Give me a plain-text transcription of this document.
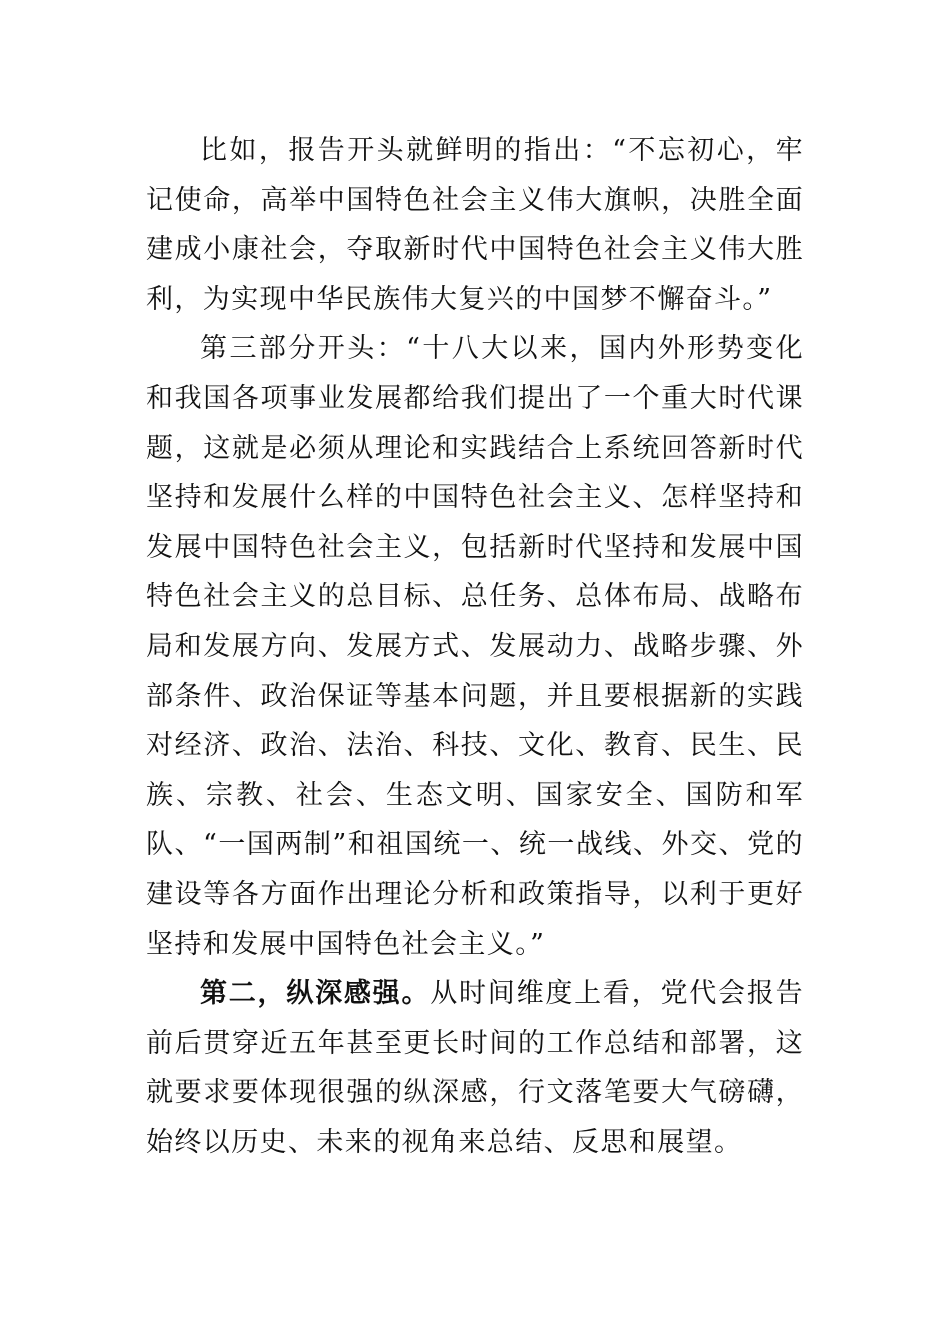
比如，报告开头就鲜明的指出：“不忘初心，牢记使命，高举中国特色社会主义伟大旗帜，决胜全面建成小康社会，夺取新时代中国特色社会主义伟大胜利，为实现中华民族伟大复兴的中国梦不懈奋斗。”

第三部分开头：“十八大以来，国内外形势变化和我国各项事业发展都给我们提出了一个重大时代课题，这就是必须从理论和实践结合上系统回答新时代坚持和发展什么样的中国特色社会主义、怎样坚持和发展中国特色社会主义，包括新时代坚持和发展中国特色社会主义的总目标、总任务、总体布局、战略布局和发展方向、发展方式、发展动力、战略步骤、外部条件、政治保证等基本问题，并且要根据新的实践对经济、政治、法治、科技、文化、教育、民生、民族、宗教、社会、生态文明、国家安全、国防和军队、“一国两制”和祖国统一、统一战线、外交、党的建设等各方面作出理论分析和政策指导，以利于更好坚持和发展中国特色社会主义。”

第二，纵深感强。从时间维度上看，党代会报告前后贯穿近五年甚至更长时间的工作总结和部署，这就要求要体现很强的纵深感，行文落笔要大气磅礴，始终以历史、未来的视角来总结、反思和展望。
